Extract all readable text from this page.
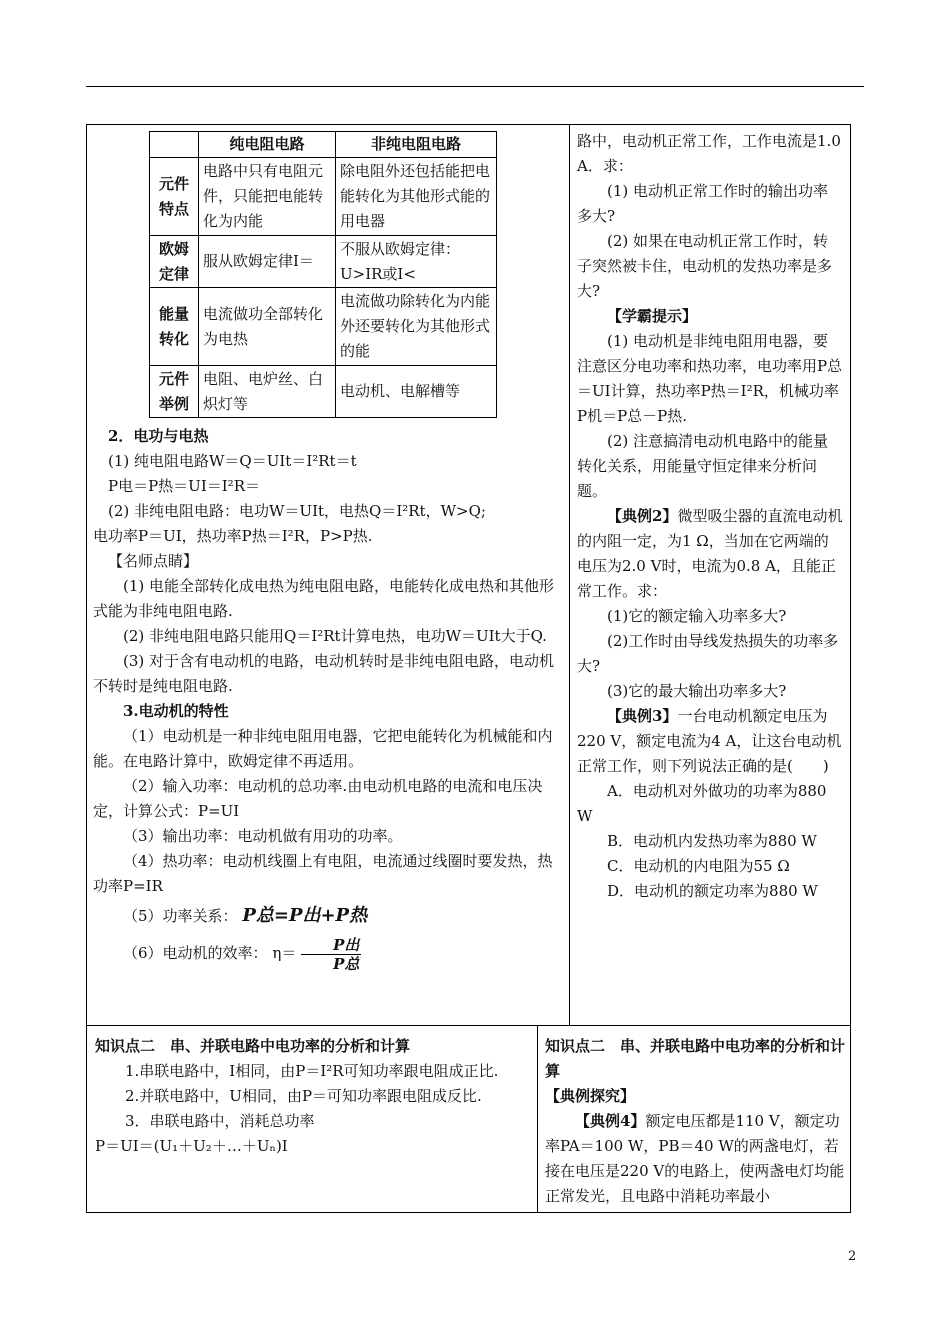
	纯电阻电路	非纯电阻电路
元件特点	电路中只有电阻元件，只能把电能转化为内能	除电阻外还包括能把电能转化为其他形式能的用电器
欧姆定律	服从欧姆定律I＝	不服从欧姆定律：U>IR或I<
能量转化	电流做功全部转化为电热	电流做功除转化为内能外还要转化为其他形式的能
元件举例	电阻、电炉丝、白炽灯等	电动机、电解槽等

2．电功与电热

(1) 纯电阻电路W＝Q＝UIt＝I²Rt＝t

P电＝P热＝UI＝I²R＝

(2) 非纯电阻电路：电功W＝UIt，电热Q＝I²Rt，W>Q;

电功率P＝UI，热功率P热＝I²R，P>P热.

【名师点睛】

(1) 电能全部转化成电热为纯电阻电路，电能转化成电热和其他形式能为非纯电阻电路.

(2) 非纯电阻电路只能用Q＝I²Rt计算电热，电功W＝UIt大于Q.

(3) 对于含有电动机的电路，电动机转时是非纯电阻电路，电动机不转时是纯电阻电路.

3.电动机的特性

（1）电动机是一种非纯电阻用电器，它把电能转化为机械能和内能。在电路计算中，欧姆定律不再适用。

（2）输入功率：电动机的总功率.由电动机电路的电流和电压决定，计算公式：P=UI

（3）输出功率：电动机做有用功的功率。

（4）热功率：电动机线圈上有电阻，电流通过线圈时要发热，热功率P=IR

（5）功率关系： P总=P出+P热

（6）电动机的效率： $\eta= \frac{\text{P出}}{\text{P总}}$

路中，电动机正常工作，工作电流是1.0 A．求：

(1) 电动机正常工作时的输出功率多大?

(2) 如果在电动机正常工作时，转子突然被卡住，电动机的发热功率是多大?

【学霸提示】

(1) 电动机是非纯电阻用电器，要注意区分电功率和热功率，电功率用P总＝UI计算，热功率P热＝I²R，机械功率P机＝P总－P热.

(2) 注意搞清电动机电路中的能量转化关系，用能量守恒定律来分析问题。

【典例2】微型吸尘器的直流电动机的内阻一定，为1 Ω，当加在它两端的电压为2.0 V时，电流为0.8 A，且能正常工作。求：

(1)它的额定输入功率多大?

(2)工作时由导线发热损失的功率多大?

(3)它的最大输出功率多大?

【典例3】一台电动机额定电压为220 V，额定电流为4 A，让这台电动机正常工作，则下列说法正确的是(　　)

A．电动机对外做功的功率为880 W

B．电动机内发热功率为880 W

C．电动机的内电阻为55 Ω

D．电动机的额定功率为880 W

知识点二　串、并联电路中电功率的分析和计算

1.串联电路中，I相同，由P＝I²R可知功率跟电阻成正比.

2.并联电路中，U相同，由P＝可知功率跟电阻成反比.

3．串联电路中，消耗总功率

P＝UI＝(U₁＋U₂＋…＋Uₙ)I

知识点二　串、并联电路中电功率的分析和计算

【典例探究】

【典例4】额定电压都是110 V，额定功率PA＝100 W，PB＝40 W的两盏电灯，若接在电压是220 V的电路上，使两盏电灯均能正常发光，且电路中消耗功率最小

2
